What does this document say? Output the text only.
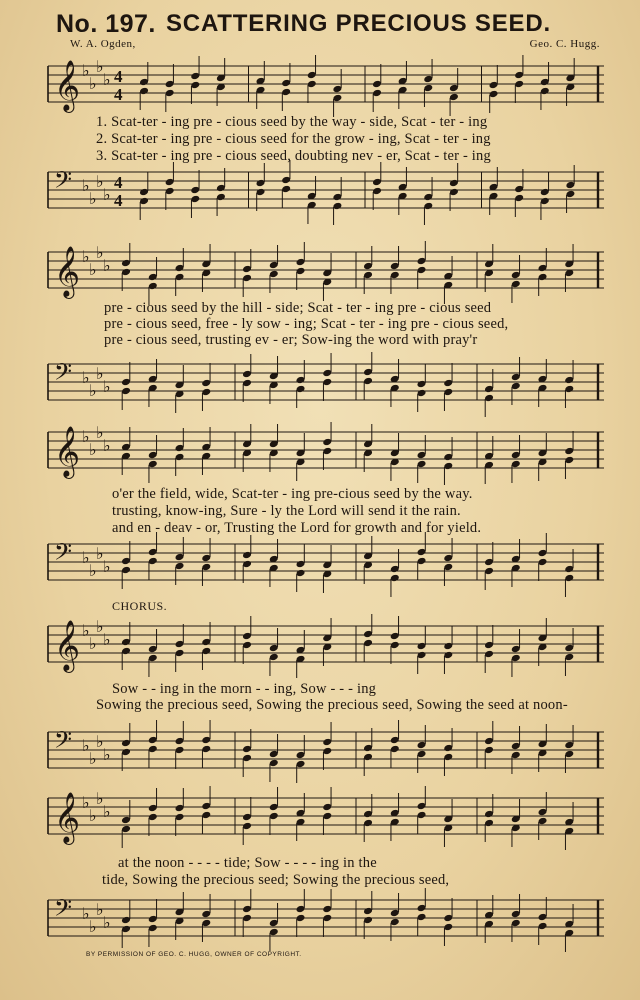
No. 197. SCATTERING PRECIOUS SEED.
W. A. Ogden,	Geo. C. Hugg.
𝄞 ♭
♭
♭
♭ 4
4
𝄢 ♭
♭
♭
♭
4
4
1. Scat-ter - ing pre - cious seed by the way - side, Scat - ter - ing
2. Scat-ter - ing pre - cious seed for the grow - ing, Scat - ter - ing
3. Scat-ter - ing pre - cious seed, doubting nev - er, Scat - ter - ing
𝄞 ♭
♭
♭
♭
𝄢 ♭
♭
♭
♭
pre - cious seed by the hill - side; Scat - ter - ing pre - cious seed
pre - cious seed, free - ly sow - ing; Scat - ter - ing pre - cious seed,
pre - cious seed, trusting ev - er; Sow-ing the word with pray'r
𝄞 ♭
♭
♭
♭
𝄢 ♭
♭
♭
♭
o'er the field, wide, Scat-ter - ing pre-cious seed by the way.
trusting, know-ing, Sure - ly the Lord will send it the rain.
and en - deav - or, Trusting the Lord for growth and for yield.
CHORUS.
𝄞 ♭
♭
♭
♭
𝄢 ♭
♭
♭
♭
Sow - - ing in the morn - - ing, Sow - - - ing
Sowing the precious seed, Sowing the precious seed, Sowing the seed at noon-
𝄞 ♭
♭
♭
♭
𝄢 ♭
♭
♭
♭
at the noon - - - - tide; Sow - - - - ing in the
tide, Sowing the precious seed; Sowing the precious seed,
BY PERMISSION OF GEO. C. HUGG, OWNER OF COPYRIGHT.
